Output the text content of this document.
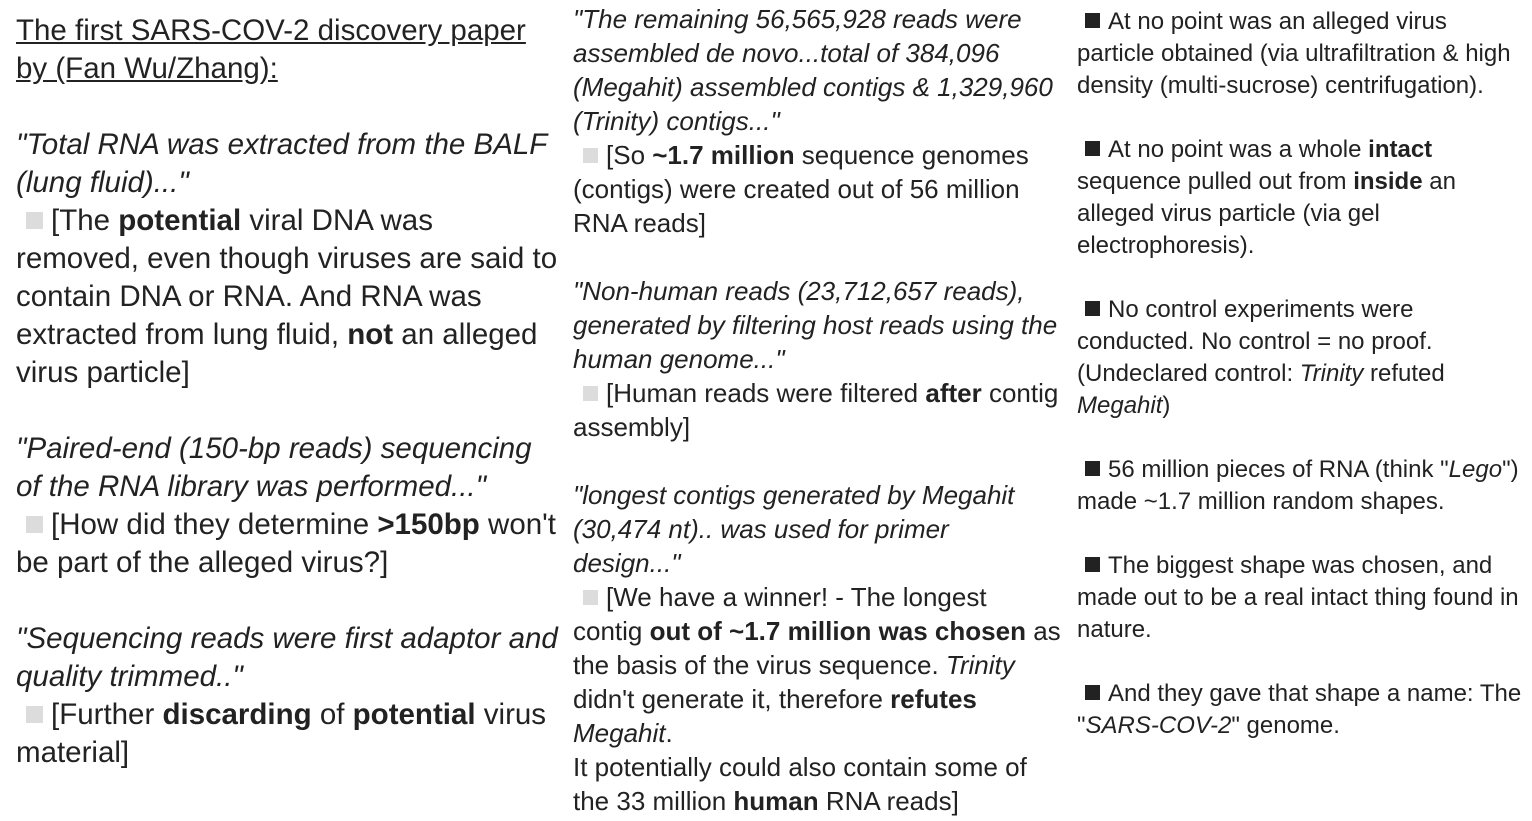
The first SARS-COV-2 discovery paper by (Fan Wu/Zhang):

"Total RNA was extracted from the BALF (lung fluid)..."
[The potential viral DNA was removed, even though viruses are said to contain DNA or RNA. And RNA was extracted from lung fluid, not an alleged virus particle]
"Paired-end (150-bp reads) sequencing of the RNA library was performed..."
[How did they determine >150bp won't be part of the alleged virus?]
"Sequencing reads were first adaptor and quality trimmed.."
[Further discarding of potential virus material]
"The remaining 56,565,928 reads were assembled de novo...total of 384,096 (Megahit) assembled contigs & 1,329,960 (Trinity) contigs..."
[So ~1.7 million sequence genomes (contigs) were created out of 56 million RNA reads]
"Non-human reads (23,712,657 reads), generated by filtering host reads using the human genome..."
[Human reads were filtered after contig assembly]
"longest contigs generated by Megahit (30,474 nt).. was used for primer design..."
[We have a winner! - The longest contig out of ~1.7 million was chosen as the basis of the virus sequence. Trinity didn't generate it, therefore refutes Megahit.
It potentially could also contain some of the 33 million human RNA reads]
At no point was an alleged virus particle obtained (via ultrafiltration & high density (multi-sucrose) centrifugation).
At no point was a whole intact sequence pulled out from inside an alleged virus particle (via gel electrophoresis).
No control experiments were conducted. No control = no proof. (Undeclared control: Trinity refuted Megahit)
56 million pieces of RNA (think "Lego") made ~1.7 million random shapes.
The biggest shape was chosen, and made out to be a real intact thing found in nature.
And they gave that shape a name: The "SARS-COV-2" genome.
